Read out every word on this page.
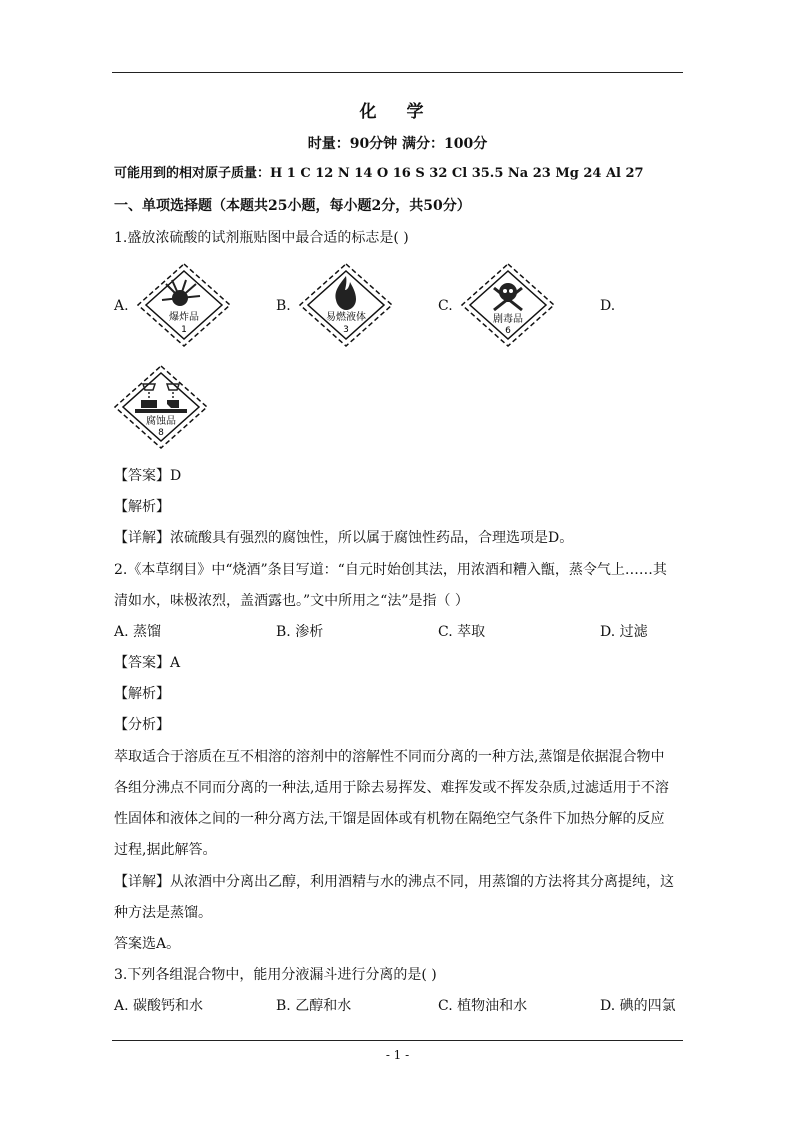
化 学
时量：90分钟 满分：100分
可能用到的相对原子质量：H 1 C 12 N 14 O 16 S 32 Cl 35.5 Na 23 Mg 24 Al 27
一、单项选择题（本题共25小题，每小题2分，共50分）
1.盛放浓硫酸的试剂瓶贴图中最合适的标志是( )
A.
爆炸品
1
B.
易燃液体
3
C.
剧毒品
6
D.
腐蚀品
8
【答案】D
【解析】
【详解】浓硫酸具有强烈的腐蚀性，所以属于腐蚀性药品，合理选项是D。
2.《本草纲目》中“烧酒”条目写道：“自元时始创其法，用浓酒和糟入甑，蒸令气上……其
清如水，味极浓烈，盖酒露也。”文中所用之“法”是指（ ）
A. 蒸馏	B. 渗析	C. 萃取	D. 过滤
【答案】A
【解析】
【分析】
萃取适合于溶质在互不相溶的溶剂中的溶解性不同而分离的一种方法,蒸馏是依据混合物中
各组分沸点不同而分离的一种法,适用于除去易挥发、难挥发或不挥发杂质,过滤适用于不溶
性固体和液体之间的一种分离方法,干馏是固体或有机物在隔绝空气条件下加热分解的反应
过程,据此解答。
【详解】从浓酒中分离出乙醇，利用酒精与水的沸点不同，用蒸馏的方法将其分离提纯，这
种方法是蒸馏。
答案选A。
3.下列各组混合物中，能用分液漏斗进行分离的是( )
A. 碳酸钙和水	B. 乙醇和水	C. 植物油和水	D. 碘的四氯
- 1 -
